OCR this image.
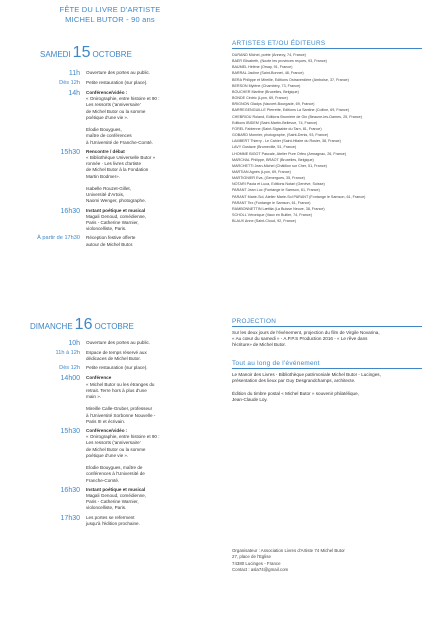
FÊTE DU LIVRE D'ARTISTE
MICHEL BUTOR - 90 ans
SAMEDI 15 OCTOBRE
11h	Ouverture des portes au public.
Dès 12h	Petite restauration (sur place).
14h	Conférence/vidéo :
« Onirographie, entre histoire et 90 :
Les ressorts ('anniversaire'
de Michel Butor ou la somme
poétique d'une vie ».

Elodie Bouygues,
maître de conférences
à l'Université de Franche-Comté.
15h30	Rencontre / débat
« Bibliothèque Universelle Butor »
ronnée · Les livres d'artiste
de Michel Butor à la Fondation
Martin Bodmer».

Isabelle Rouzet-Gillet,
Université d'Artois,
Naomi Wenger, photographe.
16h30	Instant poétique et musical
Magali Genoud, comédienne,
Paris - Catherine Warnier,
violoncelliste, Paris.
À partir de 17h30	Réception festive offerte
autour de Michel Butor.
DIMANCHE 16 OCTOBRE
10h	Ouverture des portes au public.
11h à 12h	Espace de temps réservé aux
dédicaces de Michel Butor.
Dès 12h	Petite restauration (sur place).
14h00	Conférence
« Michel Butor ou les étranges du
retrait. Terre hors à plus d'une
main ».

Mireille Calle-Gruber, professeur
à l'Université Sorbonne Nouvelle -
Paris III et écrivain.
15h30	Conférence/vidéo :
« Onirographie, entre histoire et 90 :
Les ressorts ('anniversaire'
de Michel Butor ou la somme
poétique d'une vie ».

Elodie Bouygues, maître de
conférences à l'Université de
Franche-Comté.
16h30	Instant poétique et musical
Magali Genoud, comédienne,
Paris - Catherine Warnier,
violoncelliste, Paris.
17h30	Les portes se referment
jusqu'à l'édition prochaine.
ARTISTES ET/OU ÉDITEURS
DURAND Michel, poète (Annecy, 74, France)
BAER Elisabeth, (Noote les provinces reçues, 93, France)
BAUMEL Hélène (Orsay, 91, France)
BARRAL Jacline (Saint-Bonnet, 48, France)
BERA Philippe et Mireille, Editions Ostraverdière (Amboise, 37, France)
BERSON Mylène (Chambéry, 73, France)
BOUCHER Martine (Bruxelles, Belgique)
BONDE Cédric (Lyon, 69, France)
BRIGNON Gladys (Vauvert-Bourgade, 69, France)
BARREGENGUILLE Pierrette, Editions La Santine (Colline, 69, France)
CHEBRIOU Roland, Editions Brumière de Gin (Beaune-les-Dames, 25, France)
Editions IBIDEM (Saint-Martin-Bellevue, 74, France)
FOREL Fabienne (Saint-Sigisabie du Tarn, 81, France)
GOBARD Monnier, photographe, (Saint-Denis, 93, France)
LAMBERT Thierry - Le Cahier (Saint-Hilaire du Rosier, 38, France)
LAVY Gustave (Brumeville, 51, France)
LHOMME BIGOT Pascale, Atelier Pure Orfeo (Armagnac, 26, France)
MARCHAL Philippe, BRAOT (Bruxelles, Belgique)
MARCHETTI Jean-Michel (Châtillon sur Cher, 51, France)
MARTIAN Agnès (Lyon, 69, France)
MARTIGNIER Eva, (Genergues, 35, France)
NOTARI Paola et Luca, Editions Notari (Genève, Suisse)
PARANT Jean Luc (Fontange le Samson, 61, France)
PARANT Marie-Sol, Atelier Marie-Sol PARANT (Fontange le Samson, 61, France)
PARANT Tex (Fontange le Samson, 61, France)
RAMBONNETTIN Lætitia (La Buisse Neuve, 38, France)
SCHOLL Véronique (Vaux en Bullier, 74, France)
BLAUX Anne (Saint-Cloud, 92, France)
PROJECTION
Sur les deux jours de l'événement, projection du film de Virgile Novarina,
« Au cœur du samedi » - A.P.P.S Production 2016 - « Le rêve dans
l'écriture» de Michel Butor.
Tout au long de l'événement
Le Manoir des Livres - Bibliothèque patrimoniale Michel Butor - Lucinges,
présentation des lieux par Guy Desgrandchamps, architecte.

Édition du timbre postal « Michel Butor » souvenir philatélique,
Jean-Claude Loy.
Organisateur : Association Livres d'Artiste 74 Michel Butor
27, place de l'Eglise
74380 Lucinges - France
Contact : asla74@gmail.com
